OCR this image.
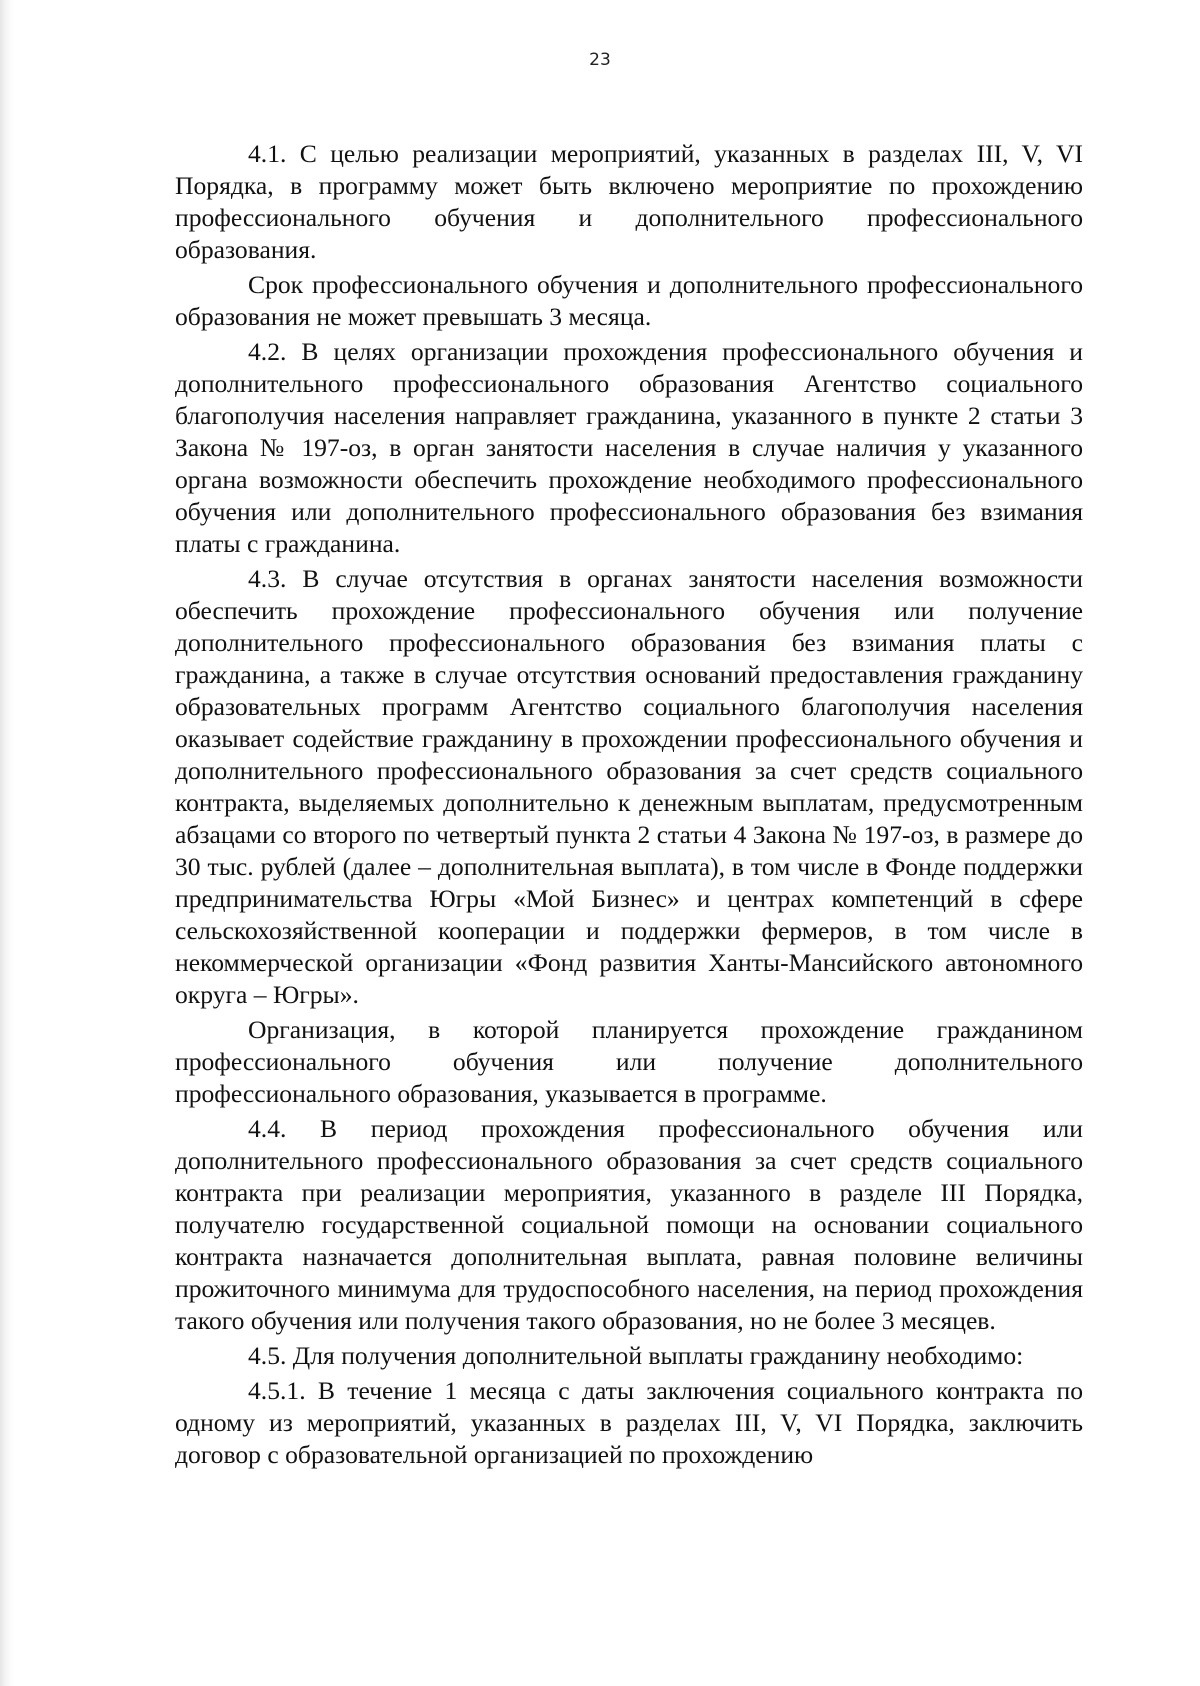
23

4.1. С целью реализации мероприятий, указанных в разделах III, V, VI Порядка, в программу может быть включено мероприятие по прохождению профессионального обучения и дополнительного профессионального образования.

Срок профессионального обучения и дополнительного профессионального образования не может превышать 3 месяца.

4.2. В целях организации прохождения профессионального обучения и дополнительного профессионального образования Агентство социального благополучия населения направляет гражданина, указанного в пункте 2 статьи 3 Закона № 197-оз, в орган занятости населения в случае наличия у указанного органа возможности обеспечить прохождение необходимого профессионального обучения или дополнительного профессионального образования без взимания платы с гражданина.

4.3. В случае отсутствия в органах занятости населения возможности обеспечить прохождение профессионального обучения или получение дополнительного профессионального образования без взимания платы с гражданина, а также в случае отсутствия оснований предоставления гражданину образовательных программ Агентство социального благополучия населения оказывает содействие гражданину в прохождении профессионального обучения и дополнительного профессионального образования за счет средств социального контракта, выделяемых дополнительно к денежным выплатам, предусмотренным абзацами со второго по четвертый пункта 2 статьи 4 Закона № 197-оз, в размере до 30 тыс. рублей (далее – дополнительная выплата), в том числе в Фонде поддержки предпринимательства Югры «Мой Бизнес» и центрах компетенций в сфере сельскохозяйственной кооперации и поддержки фермеров, в том числе в некоммерческой организации «Фонд развития Ханты-Мансийского автономного округа – Югры».

Организация, в которой планируется прохождение гражданином профессионального обучения или получение дополнительного профессионального образования, указывается в программе.

4.4. В период прохождения профессионального обучения или дополнительного профессионального образования за счет средств социального контракта при реализации мероприятия, указанного в разделе III Порядка, получателю государственной социальной помощи на основании социального контракта назначается дополнительная выплата, равная половине величины прожиточного минимума для трудоспособного населения, на период прохождения такого обучения или получения такого образования, но не более 3 месяцев.

4.5. Для получения дополнительной выплаты гражданину необходимо:

4.5.1. В течение 1 месяца с даты заключения социального контракта по одному из мероприятий, указанных в разделах III, V, VI Порядка, заключить договор с образовательной организацией по прохождению
